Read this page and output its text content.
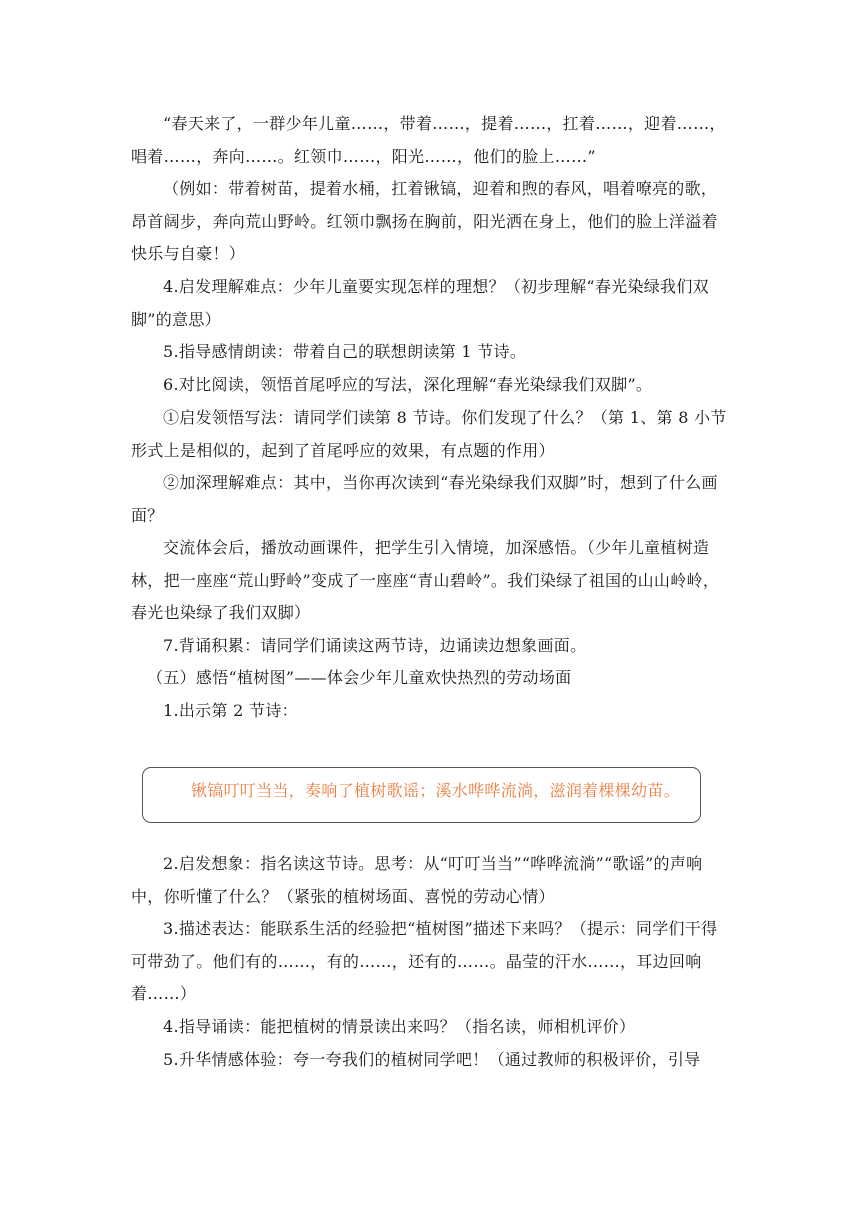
“春天来了，一群少年儿童……，带着……，提着……，扛着……，迎着……，唱着……，奔向……。红领巾……，阳光……，他们的脸上……”

（例如：带着树苗，提着水桶，扛着锹镐，迎着和煦的春风，唱着嘹亮的歌，昂首阔步，奔向荒山野岭。红领巾飘扬在胸前，阳光洒在身上，他们的脸上洋溢着快乐与自豪！）

4.启发理解难点：少年儿童要实现怎样的理想？（初步理解“春光染绿我们双脚”的意思）

5.指导感情朗读：带着自己的联想朗读第 1 节诗。

6.对比阅读，领悟首尾呼应的写法，深化理解“春光染绿我们双脚”。

①启发领悟写法：请同学们读第 8 节诗。你们发现了什么？（第 1、第 8 小节形式上是相似的，起到了首尾呼应的效果，有点题的作用）

②加深理解难点：其中，当你再次读到“春光染绿我们双脚”时，想到了什么画面？

交流体会后，播放动画课件，把学生引入情境，加深感悟。（少年儿童植树造林，把一座座“荒山野岭”变成了一座座“青山碧岭”。我们染绿了祖国的山山岭岭，春光也染绿了我们双脚）

7.背诵积累：请同学们诵读这两节诗，边诵读边想象画面。

（五）感悟“植树图”——体会少年儿童欢快热烈的劳动场面

1.出示第 2 节诗：

锹镐叮叮当当，奏响了植树歌谣；溪水哗哗流淌，滋润着棵棵幼苗。

2.启发想象：指名读这节诗。思考：从“叮叮当当”“哗哗流淌”“歌谣”的声响中，你听懂了什么？（紧张的植树场面、喜悦的劳动心情）

3.描述表达：能联系生活的经验把“植树图”描述下来吗？（提示：同学们干得可带劲了。他们有的……，有的……，还有的……。晶莹的汗水……，耳边回响着……）

4.指导诵读：能把植树的情景读出来吗？（指名读，师相机评价）

5.升华情感体验：夸一夸我们的植树同学吧！（通过教师的积极评价，引导
